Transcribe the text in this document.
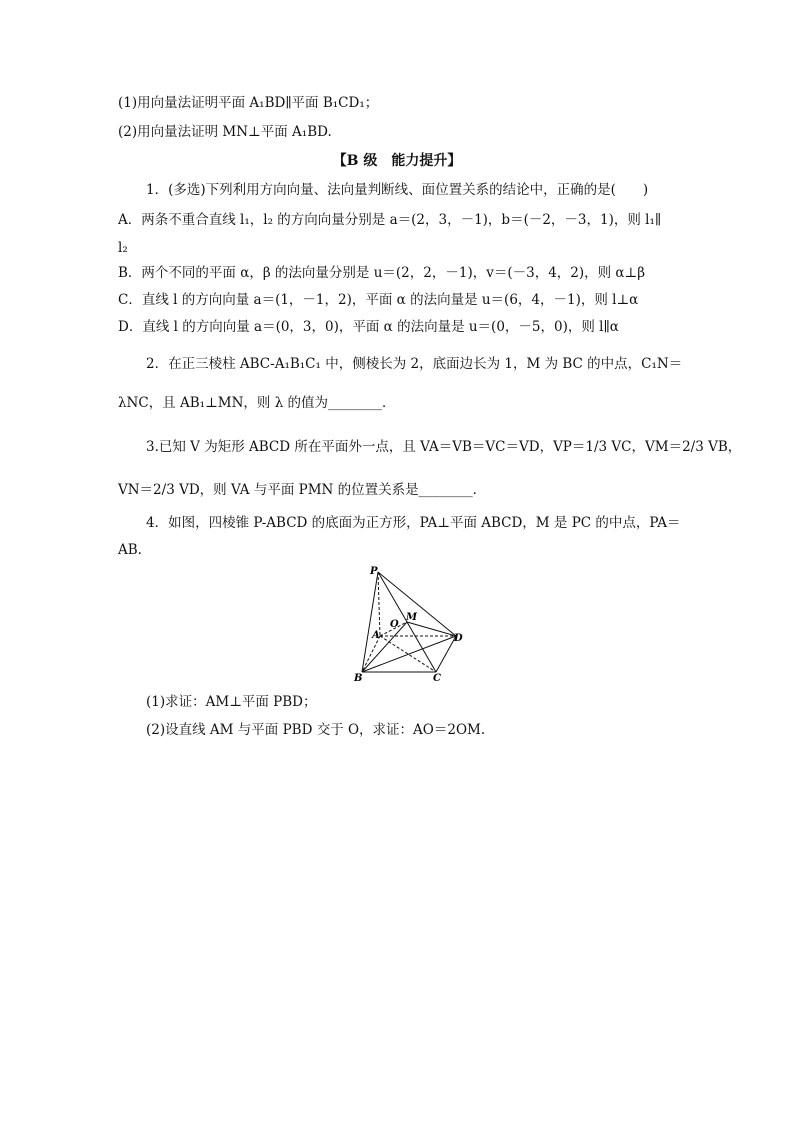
(1)用向量法证明平面 A₁BD∥平面 B₁CD₁；
(2)用向量法证明 MN⊥平面 A₁BD.
【B 级　能力提升】
1．(多选)下列利用方向向量、法向量判断线、面位置关系的结论中，正确的是(　　)
A．两条不重合直线 l₁，l₂ 的方向向量分别是 a＝(2，3，－1)，b＝(－2，－3，1)，则 l₁∥
l₂
B．两个不同的平面 α，β 的法向量分别是 u＝(2，2，－1)，v＝(－3，4，2)，则 α⊥β
C．直线 l 的方向向量 a＝(1，－1，2)，平面 α 的法向量是 u＝(6，4，－1)，则 l⊥α
D．直线 l 的方向向量 a＝(0，3，0)，平面 α 的法向量是 u＝(0，－5，0)，则 l∥α
2．在正三棱柱 ABC-A₁B₁C₁ 中，侧棱长为 2，底面边长为 1，M 为 BC 的中点，C₁N＝
λNC，且 AB₁⊥MN，则 λ 的值为________．
3.已知 V 为矩形 ABCD 所在平面外一点，且 VA＝VB＝VC＝VD，VP＝1/3 VC，VM＝2/3 VB，
VN＝2/3 VD，则 VA 与平面 PMN 的位置关系是________．
4．如图，四棱锥 P-ABCD 的底面为正方形，PA⊥平面 ABCD，M 是 PC 的中点，PA＝
AB.
P
A
B	C
D
M
O
(1)求证：AM⊥平面 PBD；
(2)设直线 AM 与平面 PBD 交于 O，求证：AO＝2OM.
